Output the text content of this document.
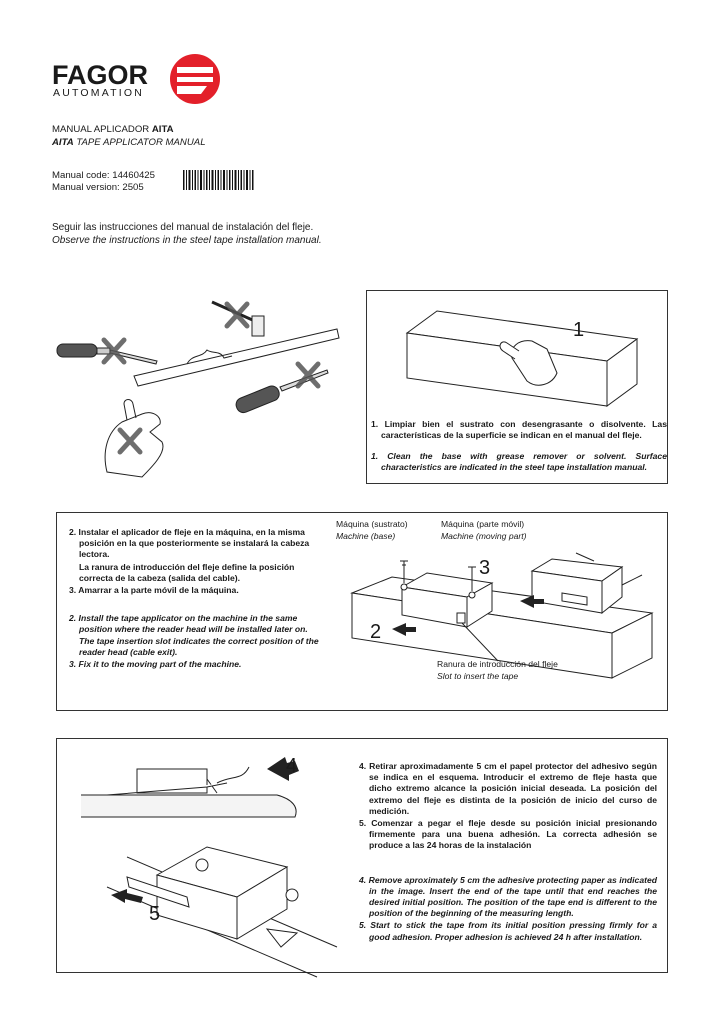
FAGOR
AUTOMATION
MANUAL APLICADOR AITA
AITA TAPE APPLICATOR MANUAL
Manual code: 14460425
Manual version: 2505
Seguir las instrucciones del manual de instalación del fleje.
Observe the instructions in the steel tape installation manual.
1
1. Limpiar bien el sustrato con desengrasante o disolvente. Las características de la superficie se indican en el manual del fleje.
1. Clean the base with grease remover or solvent. Surface characteristics are indicated in the steel tape installation manual.
2. Instalar el aplicador de fleje en la máquina, en la misma posición en la que posteriormente se instalará la cabeza lectora.
La ranura de introducción del fleje define la posición correcta de la cabeza (salida del cable).
3. Amarrar a la parte móvil de la máquina.
2. Install the tape applicator on the machine in the same position where the reader head will be installed later on. The tape insertion slot indicates the correct position of the reader head (cable exit).
3. Fix it to the moving part of the machine.
Máquina (sustrato)
Machine (base)
Máquina (parte móvil)
Machine (moving part)
3
2
Ranura de introducción del fleje
Slot to insert the tape
4
5
4. Retirar aproximadamente 5 cm el papel protector del adhesivo según se indica en el esquema. Introducir el extremo de fleje hasta que dicho extremo alcance la posición inicial deseada. La posición del extremo del fleje es distinta de la posición de inicio del curso de medición.
5. Comenzar a pegar el fleje desde su posición inicial presionando firmemente para una buena adhesión. La correcta adhesión se produce a las 24 horas de la instalación
4. Remove aproximately 5 cm the adhesive protecting paper as indicated in the image. Insert the end of the tape until that end reaches the desired initial position. The position of the tape end is different to the position of the beginning of the measuring length.
5. Start to stick the tape from its initial position pressing firmly for a good adhesion. Proper adhesion is achieved 24 h after installation.
